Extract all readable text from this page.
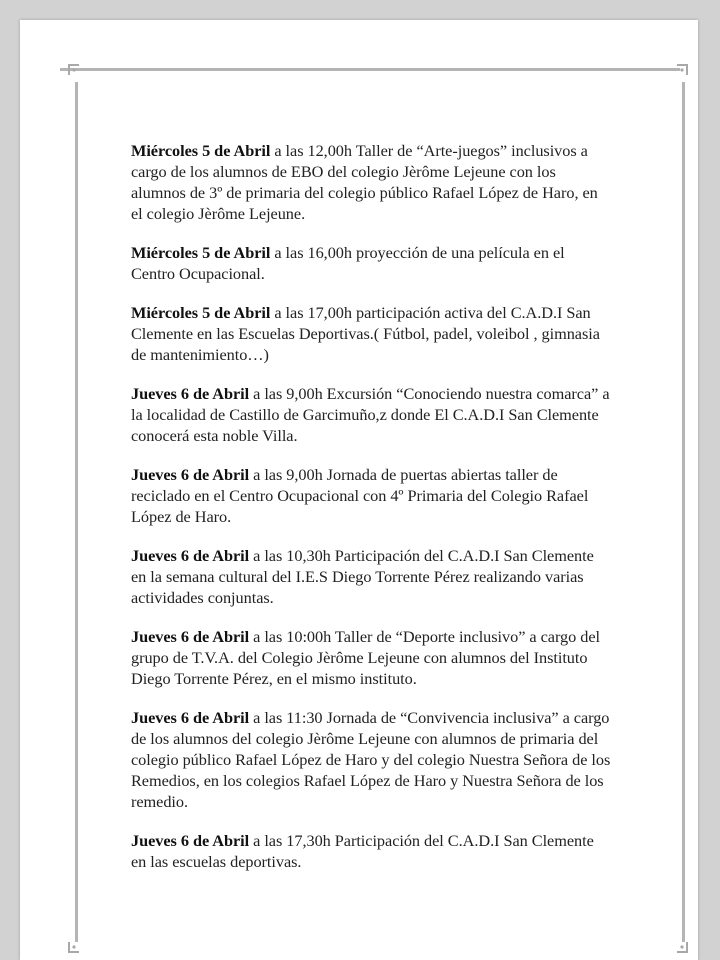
Miércoles 5 de Abril a las 12,00h Taller de “Arte-juegos” inclusivos a cargo de los alumnos de EBO del colegio Jèrôme Lejeune con los alumnos de 3º de primaria del colegio público Rafael López de Haro, en el colegio Jèrôme Lejeune.

Miércoles 5 de Abril a las 16,00h proyección de una película en el Centro Ocupacional.

Miércoles 5 de Abril a las 17,00h participación activa del C.A.D.I San Clemente en las Escuelas Deportivas.( Fútbol, padel, voleibol , gimnasia de mantenimiento…)

Jueves 6 de Abril a las 9,00h Excursión “Conociendo nuestra comarca” a la localidad de Castillo de Garcimuño,z donde El C.A.D.I San Clemente conocerá esta noble Villa.

Jueves 6 de Abril a las 9,00h Jornada de puertas abiertas taller de reciclado en el Centro Ocupacional con 4º Primaria del Colegio Rafael López de Haro.

Jueves 6 de Abril a las 10,30h Participación del C.A.D.I San Clemente en la semana cultural del I.E.S Diego Torrente Pérez realizando varias actividades conjuntas.

Jueves 6 de Abril a las 10:00h Taller de “Deporte inclusivo” a cargo del grupo de T.V.A. del Colegio Jèrôme Lejeune con alumnos del Instituto Diego Torrente Pérez, en el mismo instituto.

Jueves 6 de Abril a las 11:30 Jornada de “Convivencia inclusiva” a cargo de los alumnos del colegio Jèrôme Lejeune con alumnos de primaria del colegio público Rafael López de Haro y del colegio Nuestra Señora de los Remedios, en los colegios Rafael López de Haro y Nuestra Señora de los remedio.

Jueves 6 de Abril a las 17,30h Participación del C.A.D.I San Clemente en las escuelas deportivas.
